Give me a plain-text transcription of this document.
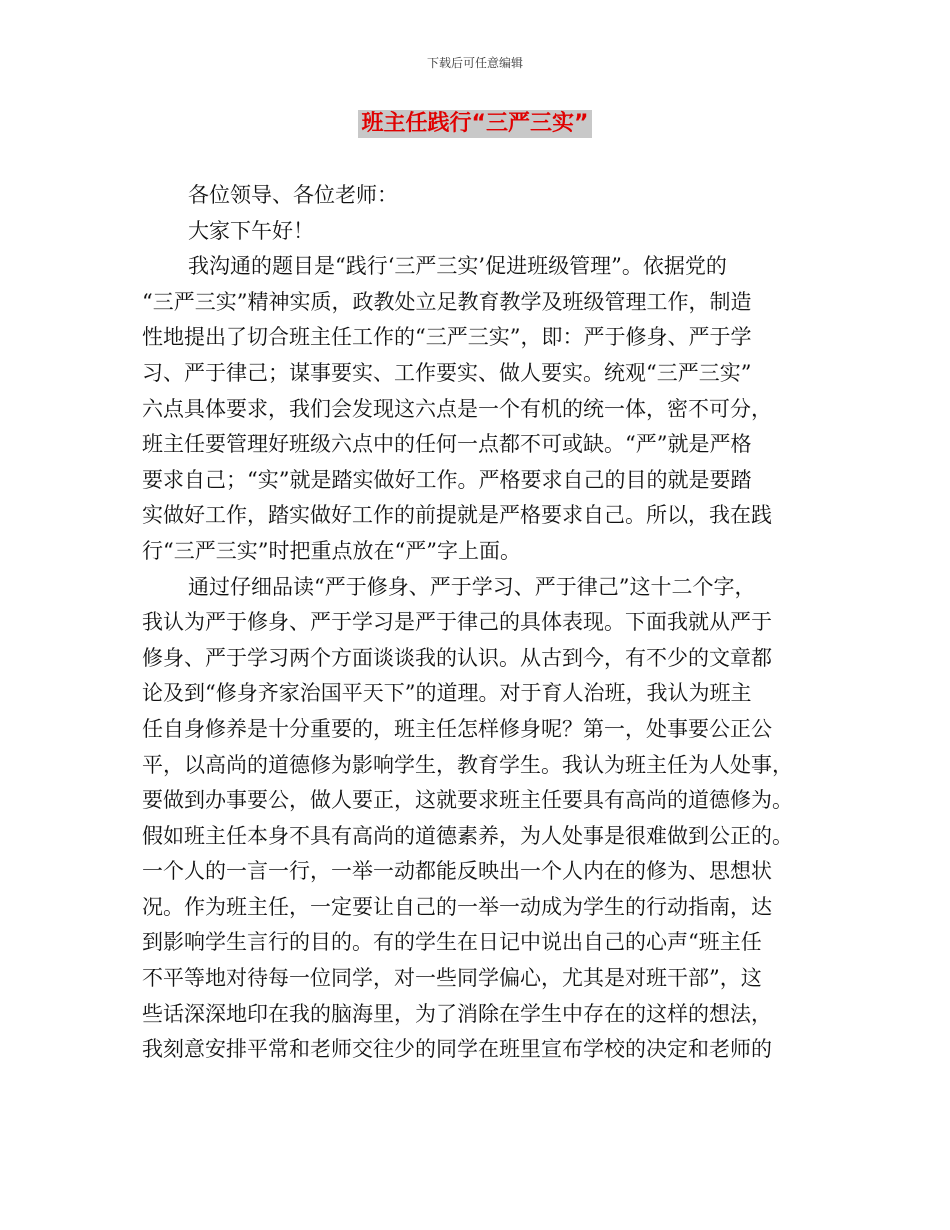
下载后可任意编辑
班主任践行“三严三实”
各位领导、各位老师：
大家下午好！
我沟通的题目是“践行‘三严三实’促进班级管理”。依据党的
“三严三实”精神实质，政教处立足教育教学及班级管理工作，制造
性地提出了切合班主任工作的“三严三实”，即：严于修身、严于学
习、严于律己；谋事要实、工作要实、做人要实。统观“三严三实”
六点具体要求，我们会发现这六点是一个有机的统一体，密不可分，
班主任要管理好班级六点中的任何一点都不可或缺。“严”就是严格
要求自己；“实”就是踏实做好工作。严格要求自己的目的就是要踏
实做好工作，踏实做好工作的前提就是严格要求自己。所以，我在践
行“三严三实”时把重点放在“严”字上面。
通过仔细品读“严于修身、严于学习、严于律己”这十二个字，
我认为严于修身、严于学习是严于律己的具体表现。下面我就从严于
修身、严于学习两个方面谈谈我的认识。从古到今，有不少的文章都
论及到“修身齐家治国平天下”的道理。对于育人治班，我认为班主
任自身修养是十分重要的，班主任怎样修身呢？第一，处事要公正公
平，以高尚的道德修为影响学生，教育学生。我认为班主任为人处事，
要做到办事要公，做人要正，这就要求班主任要具有高尚的道德修为。
假如班主任本身不具有高尚的道德素养，为人处事是很难做到公正的。
一个人的一言一行，一举一动都能反映出一个人内在的修为、思想状
况。作为班主任，一定要让自己的一举一动成为学生的行动指南，达
到影响学生言行的目的。有的学生在日记中说出自己的心声“班主任
不平等地对待每一位同学，对一些同学偏心，尤其是对班干部”，这
些话深深地印在我的脑海里，为了消除在学生中存在的这样的想法，
我刻意安排平常和老师交往少的同学在班里宣布学校的决定和老师的
